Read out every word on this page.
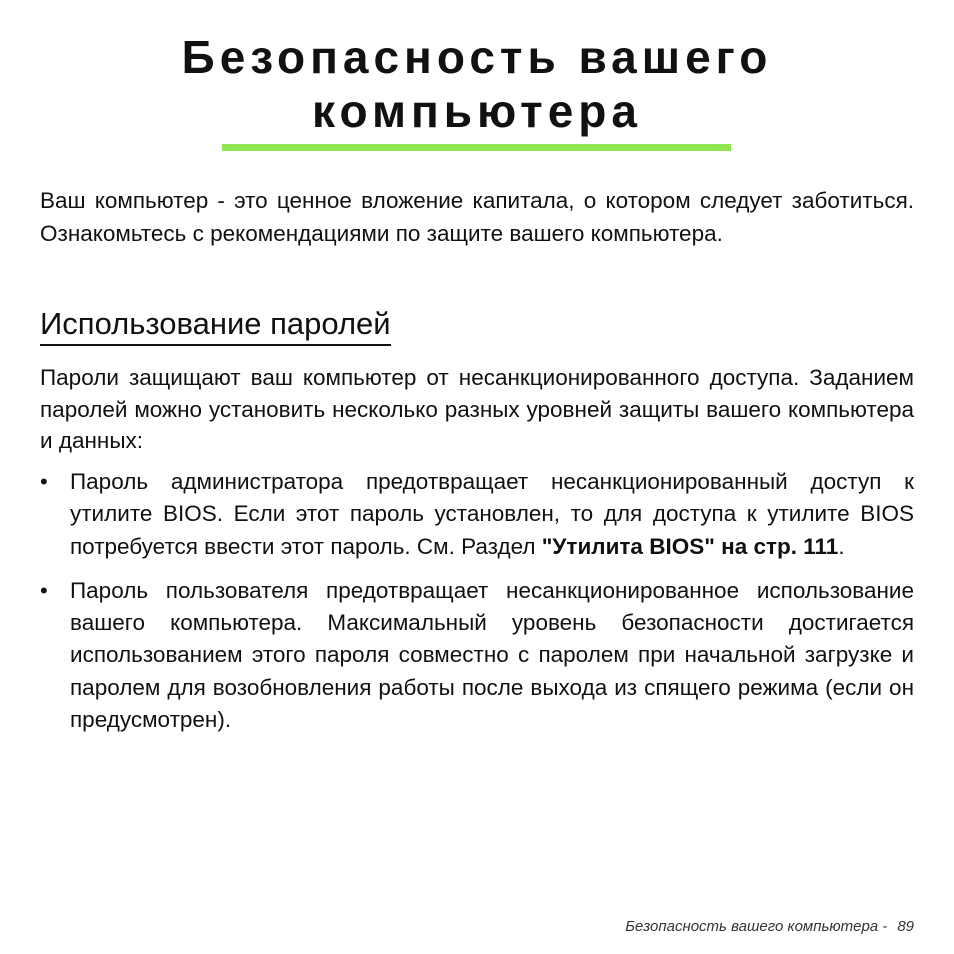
Безопасность вашего
компьютера

Ваш компьютер - это ценное вложение капитала, о котором следует заботиться. Ознакомьтесь с рекомендациями по защите вашего компьютера.

Использование паролей

Пароли защищают ваш компьютер от несанкционированного доступа. Заданием паролей можно установить несколько разных уровней защиты вашего компьютера и данных:

• Пароль администратора предотвращает несанкционированный доступ к утилите BIOS. Если этот пароль установлен, то для доступа к утилите BIOS потребуется ввести этот пароль. См. Раздел "Утилита BIOS" на стр. 111.
• Пароль пользователя предотвращает несанкционированное использование вашего компьютера. Максимальный уровень безопасности достигается использованием этого пароля совместно с паролем при начальной загрузке и паролем для возобновления работы после выхода из спящего режима (если он предусмотрен).
Безопасность вашего компьютера - 89
